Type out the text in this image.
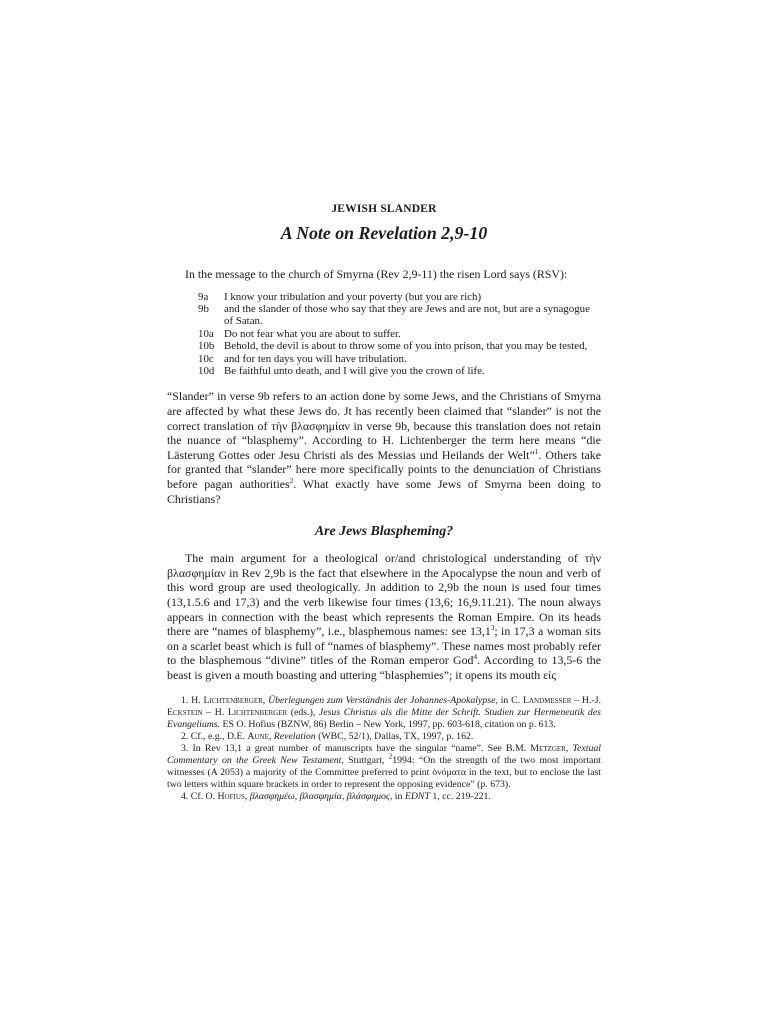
JEWISH SLANDER
A Note on Revelation 2,9-10

In the message to the church of Smyrna (Rev 2,9-11) the risen Lord says (RSV):

9a	I know your tribulation and your poverty (but you are rich)
9b	and the slander of those who say that they are Jews and are not, but are a synagogue of Satan.
10a Do not fear what you are about to suffer.
10b Behold, the devil is about to throw some of you into prison, that you may be tested,
10c and for ten days you will have tribulation.
10d Be faithful unto death, and I will give you the crown of life.

“Slander” in verse 9b refers to an action done by some Jews, and the Christians of Smyrna are affected by what these Jews do. Jt has recently been claimed that “slander” is not the correct translation of τὴν βλασφημίαν in verse 9b, because this translation does not retain the nuance of “blasphemy”. According to H. Lichtenberger the term here means “die Lästerung Gottes oder Jesu Christi als des Messias und Heilands der Welt”$^1$. Others take for granted that “slander” here more specifically points to the denunciation of Christians before pagan authorities$^2$. What exactly have some Jews of Smyrna been doing to Christians?

Are Jews Blaspheming?

The main argument for a theological or/and christological understanding of τὴν βλασφημίαν in Rev 2,9b is the fact that elsewhere in the Apocalypse the noun and verb of this word group are used theologically. Jn addition to 2,9b the noun is used four times (13,1.5.6 and 17,3) and the verb likewise four times (13,6; 16,9.11.21). The noun always appears in connection with the beast which represents the Roman Empire. On its heads there are “names of blasphemy”, i.e., blasphemous names: see 13,1$^3$; in 17,3 a woman sits on a scarlet beast which is full of “names of blasphemy”. These names most probably refer to the blasphemous “divine” titles of the Roman emperor God$^4$. According to 13,5-6 the beast is given a mouth boasting and uttering “blasphemies”; it opens its mouth εἰς

1. H. Lichtenberger, Überlegungen zum Verständnis der Johannes-Apokalypse, in C. Landmesser – H.-J. Eckstein – H. Lichtenberger (eds.), Jesus Christus als die Mitte der Schrift. Studien zur Hermeneutik des Evangeliums. ES O. Hofius (BZNW, 86) Berlin – New York, 1997, pp. 603-618, citation on p. 613.

2. Cf., e.g., D.E. Aune, Revelation (WBC, 52/1), Dallas, TX, 1997, p. 162.

3. In Rev 13,1 a great number of manuscripts have the singular “name”. See B.M. Metzger, Textual Commentary on the Greek New Testament, Stuttgart, $^2$1994: “On the strength of the two most important witnesses (A 2053) a majority of the Committee preferred to print ὀνόματα in the text, but to enclose the last two letters within square brackets in order to represent the opposing evidence” (p. 673).

4. Cf. O. Hofius, βλασφημέω, βλασφημία, βλάσφημος, in EDNT 1, cc. 219-221.
